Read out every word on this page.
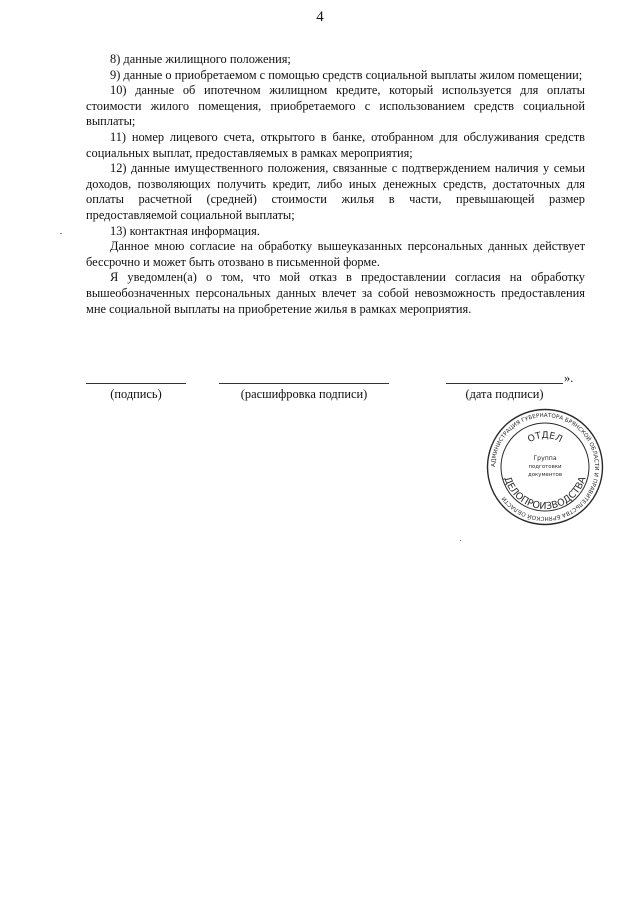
4

8) данные жилищного положения;

9) данные о приобретаемом с помощью средств социальной выплаты жилом помещении;

10) данные об ипотечном жилищном кредите, который используется для оплаты стоимости жилого помещения, приобретаемого с использованием средств социальной выплаты;

11) номер лицевого счета, открытого в банке, отобранном для обслуживания средств социальных выплат, предоставляемых в рамках мероприятия;

12) данные имущественного положения, связанные с подтверждением наличия у семьи доходов, позволяющих получить кредит, либо иных денежных средств, достаточных для оплаты расчетной (средней) стоимости жилья в части, превышающей размер предоставляемой социальной выплаты;

13) контактная информация.

Данное мною согласие на обработку вышеуказанных персональных данных действует бессрочно и может быть отозвано в письменной форме.

Я уведомлен(а) о том, что мой отказ в предоставлении согласия на обработку вышеобозначенных персональных данных влечет за собой невозможность предоставления мне социальной выплаты на приобретение жилья в рамках мероприятия.

(подпись)	(расшифровка подписи)	(дата подписи)
».
АДМИНИСТРАЦИЯ ГУБЕРНАТОРА БРЯНСКОЙ ОБЛАСТИ И ПРАВИТЕЛЬСТВА БРЯНСКОЙ ОБЛАСТИ
ОТДЕЛ
ДЕЛОПРОИЗВОДСТВА
Группа
подготовки
документов
